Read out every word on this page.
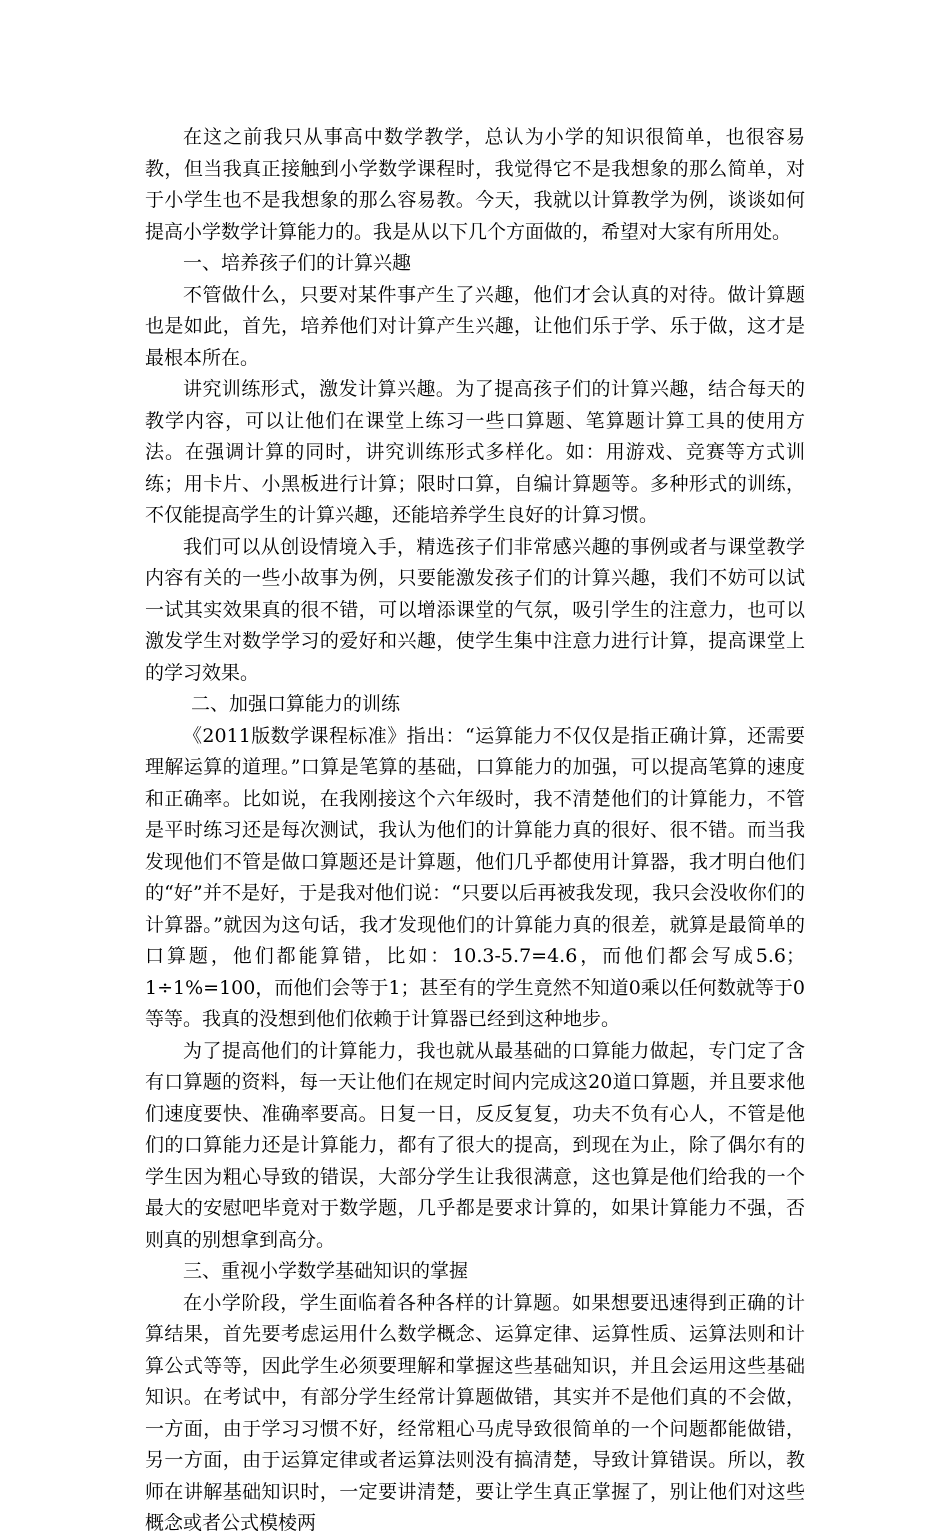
在这之前我只从事高中数学教学，总认为小学的知识很简单，也很容易教，但当我真正接触到小学数学课程时，我觉得它不是我想象的那么简单，对于小学生也不是我想象的那么容易教。今天，我就以计算教学为例，谈谈如何提高小学数学计算能力的。我是从以下几个方面做的，希望对大家有所用处。

一、培养孩子们的计算兴趣

不管做什么，只要对某件事产生了兴趣，他们才会认真的对待。做计算题也是如此，首先，培养他们对计算产生兴趣，让他们乐于学、乐于做，这才是最根本所在。

讲究训练形式，激发计算兴趣。为了提高孩子们的计算兴趣，结合每天的教学内容，可以让他们在课堂上练习一些口算题、笔算题计算工具的使用方法。在强调计算的同时，讲究训练形式多样化。如：用游戏、竞赛等方式训练；用卡片、小黑板进行计算；限时口算，自编计算题等。多种形式的训练，不仅能提高学生的计算兴趣，还能培养学生良好的计算习惯。

我们可以从创设情境入手，精选孩子们非常感兴趣的事例或者与课堂教学内容有关的一些小故事为例，只要能激发孩子们的计算兴趣，我们不妨可以试一试其实效果真的很不错，可以增添课堂的气氛，吸引学生的注意力，也可以激发学生对数学学习的爱好和兴趣，使学生集中注意力进行计算，提高课堂上的学习效果。

二、加强口算能力的训练

《2011版数学课程标准》指出：“运算能力不仅仅是指正确计算，还需要理解运算的道理。”口算是笔算的基础，口算能力的加强，可以提高笔算的速度和正确率。比如说，在我刚接这个六年级时，我不清楚他们的计算能力，不管是平时练习还是每次测试，我认为他们的计算能力真的很好、很不错。而当我发现他们不管是做口算题还是计算题，他们几乎都使用计算器，我才明白他们的“好”并不是好，于是我对他们说：“只要以后再被我发现，我只会没收你们的计算器。”就因为这句话，我才发现他们的计算能力真的很差，就算是最简单的口算题，他们都能算错，比如：10.3-5.7=4.6，而他们都会写成5.6；1÷1%=100，而他们会等于1；甚至有的学生竟然不知道0乘以任何数就等于0等等。我真的没想到他们依赖于计算器已经到这种地步。

为了提高他们的计算能力，我也就从最基础的口算能力做起，专门定了含有口算题的资料，每一天让他们在规定时间内完成这20道口算题，并且要求他们速度要快、准确率要高。日复一日，反反复复，功夫不负有心人，不管是他们的口算能力还是计算能力，都有了很大的提高，到现在为止，除了偶尔有的学生因为粗心导致的错误，大部分学生让我很满意，这也算是他们给我的一个最大的安慰吧毕竟对于数学题，几乎都是要求计算的，如果计算能力不强，否则真的别想拿到高分。

三、重视小学数学基础知识的掌握

在小学阶段，学生面临着各种各样的计算题。如果想要迅速得到正确的计算结果，首先要考虑运用什么数学概念、运算定律、运算性质、运算法则和计算公式等等，因此学生必须要理解和掌握这些基础知识，并且会运用这些基础知识。在考试中，有部分学生经常计算题做错，其实并不是他们真的不会做，一方面，由于学习习惯不好，经常粗心马虎导致很简单的一个问题都能做错，另一方面，由于运算定律或者运算法则没有搞清楚，导致计算错误。所以，教师在讲解基础知识时，一定要讲清楚，要让学生真正掌握了，别让他们对这些概念或者公式模棱两
